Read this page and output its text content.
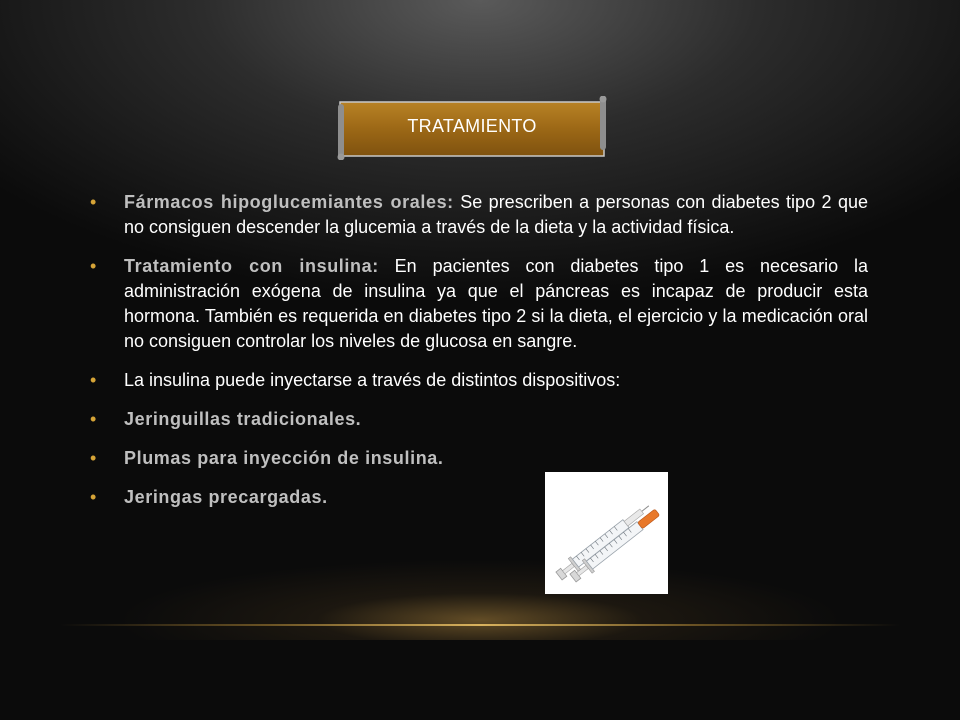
TRATAMIENTO
• Fármacos hipoglucemiantes orales: Se prescriben a personas con diabetes tipo 2 que no consiguen descender la glucemia a través de la dieta y la actividad física.
• Tratamiento con insulina: En pacientes con diabetes tipo 1 es necesario la administración exógena de insulina ya que el páncreas es incapaz de producir esta hormona. También es requerida en diabetes tipo 2 si la dieta, el ejercicio y la medicación oral no consiguen controlar los niveles de glucosa en sangre.
• La insulina puede inyectarse a través de distintos dispositivos:
• Jeringuillas tradicionales.
• Plumas para inyección de insulina.
• Jeringas precargadas.
